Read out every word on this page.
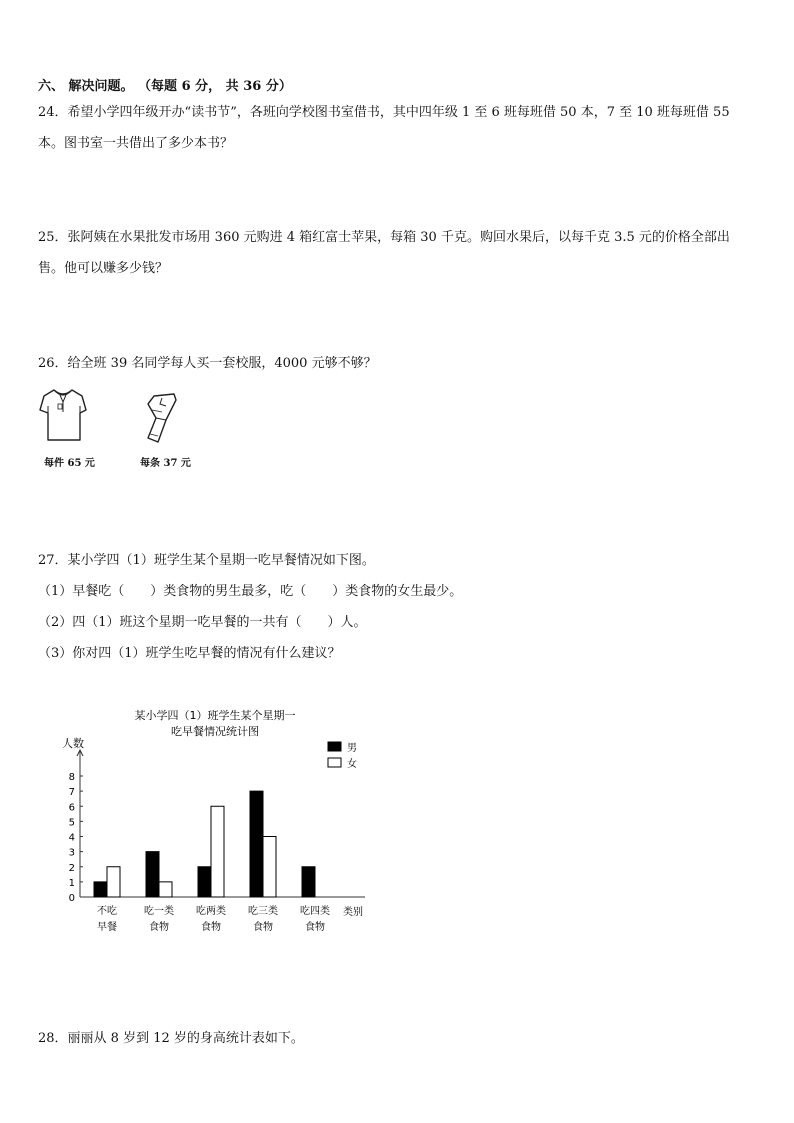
六、 解决问题。 （每题 6 分， 共 36 分）
24．希望小学四年级开办“读书节”，各班向学校图书室借书，其中四年级 1 至 6 班每班借 50 本，7 至 10 班每班借 55
本。图书室一共借出了多少本书？
25．张阿姨在水果批发市场用 360 元购进 4 箱红富士苹果，每箱 30 千克。购回水果后，以每千克 3.5 元的价格全部出
售。他可以赚多少钱？
26．给全班 39 名同学每人买一套校服，4000 元够不够？
每件 65 元	每条 37 元
27．某小学四（1）班学生某个星期一吃早餐情况如下图。
（1）早餐吃（　　）类食物的男生最多，吃（　　）类食物的女生最少。
（2）四（1）班这个星期一吃早餐的一共有（　　）人。
（3）你对四（1）班学生吃早餐的情况有什么建议？
某小学四（1）班学生某个星期一
吃早餐情况统计图
人数
类别
0
1
2
3
4
5
6
7
8
不吃
早餐
吃一类
食物
吃两类
食物
吃三类
食物
吃四类
食物
男
女
28．丽丽从 8 岁到 12 岁的身高统计表如下。
